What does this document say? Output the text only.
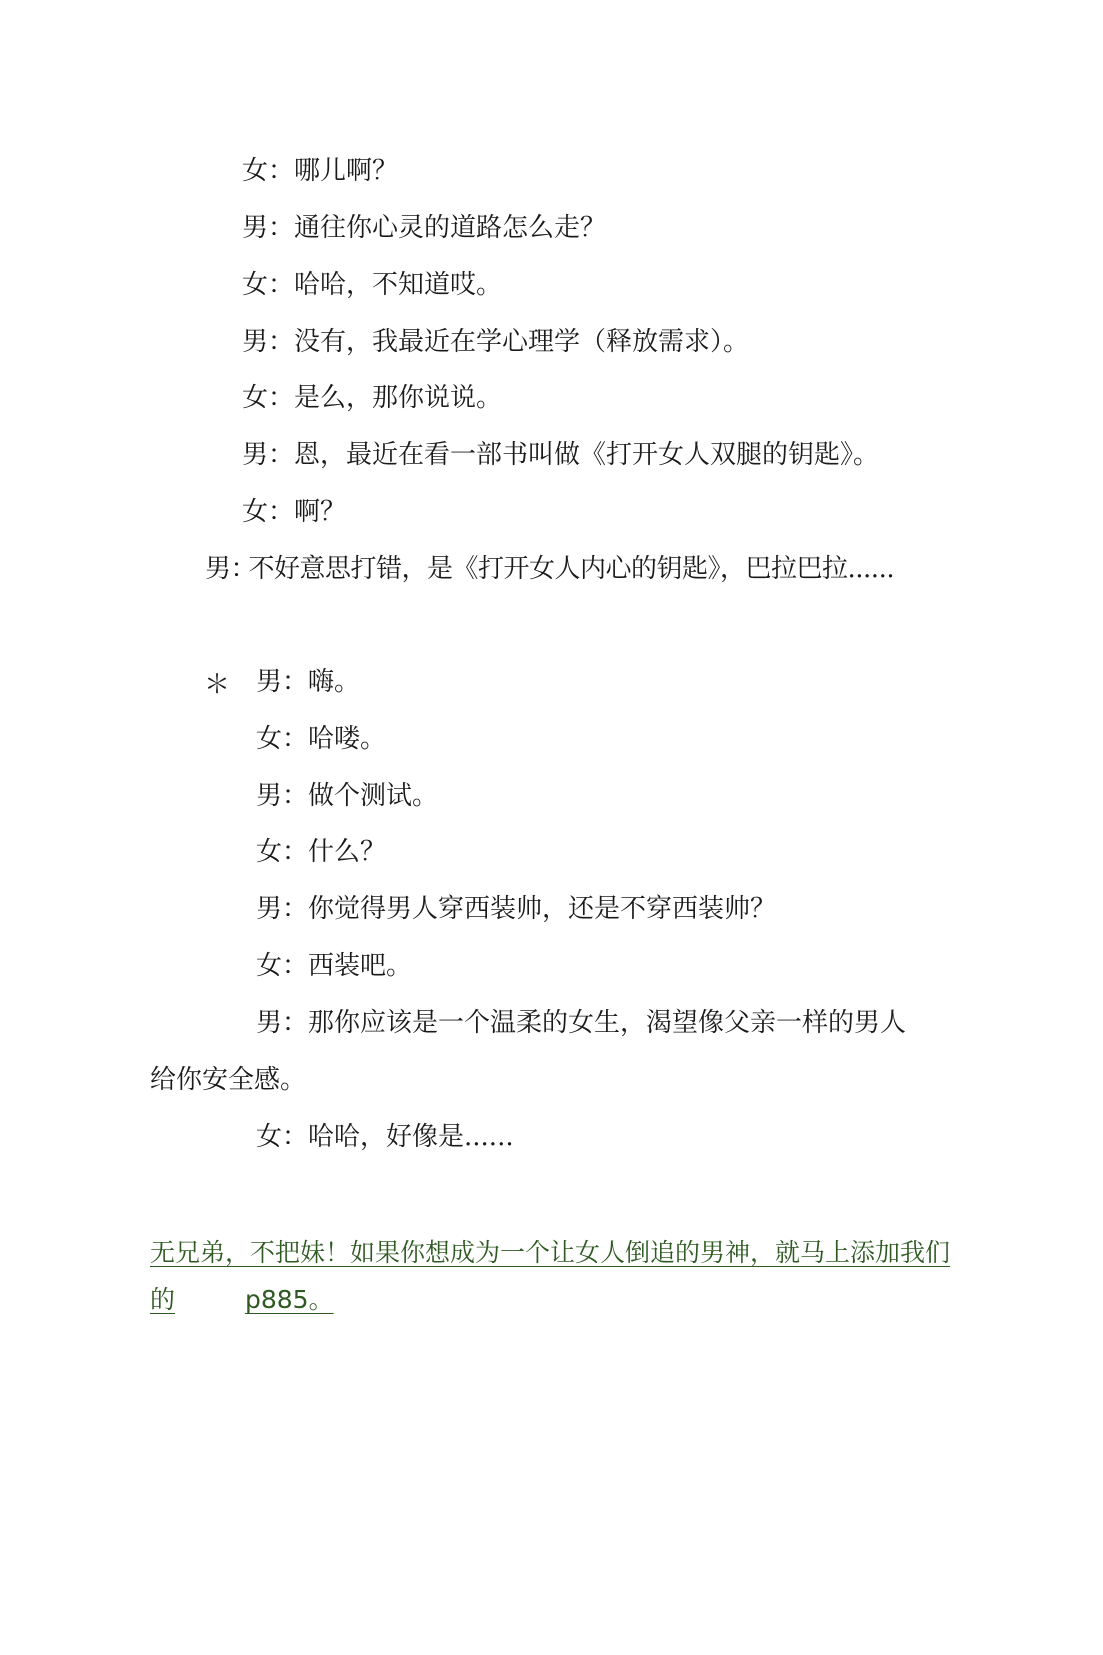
女：哪儿啊？
男：通往你心灵的道路怎么走？
女：哈哈，不知道哎。
男：没有，我最近在学心理学（释放需求）。
女：是么，那你说说。
男：恩，最近在看一部书叫做《打开女人双腿的钥匙》。
女：啊？
男：不好意思打错，是《打开女人内心的钥匙》，巴拉巴拉......
＊ 男：嗨。
女：哈喽。
男：做个测试。
女：什么？
男：你觉得男人穿西装帅，还是不穿西装帅？
女：西装吧。
男：那你应该是一个温柔的女生，渴望像父亲一样的男人
给你安全感。
女：哈哈，好像是......
无兄弟，不把妹！如果你想成为一个让女人倒追的男神，就马上添加我们
的	p885。
